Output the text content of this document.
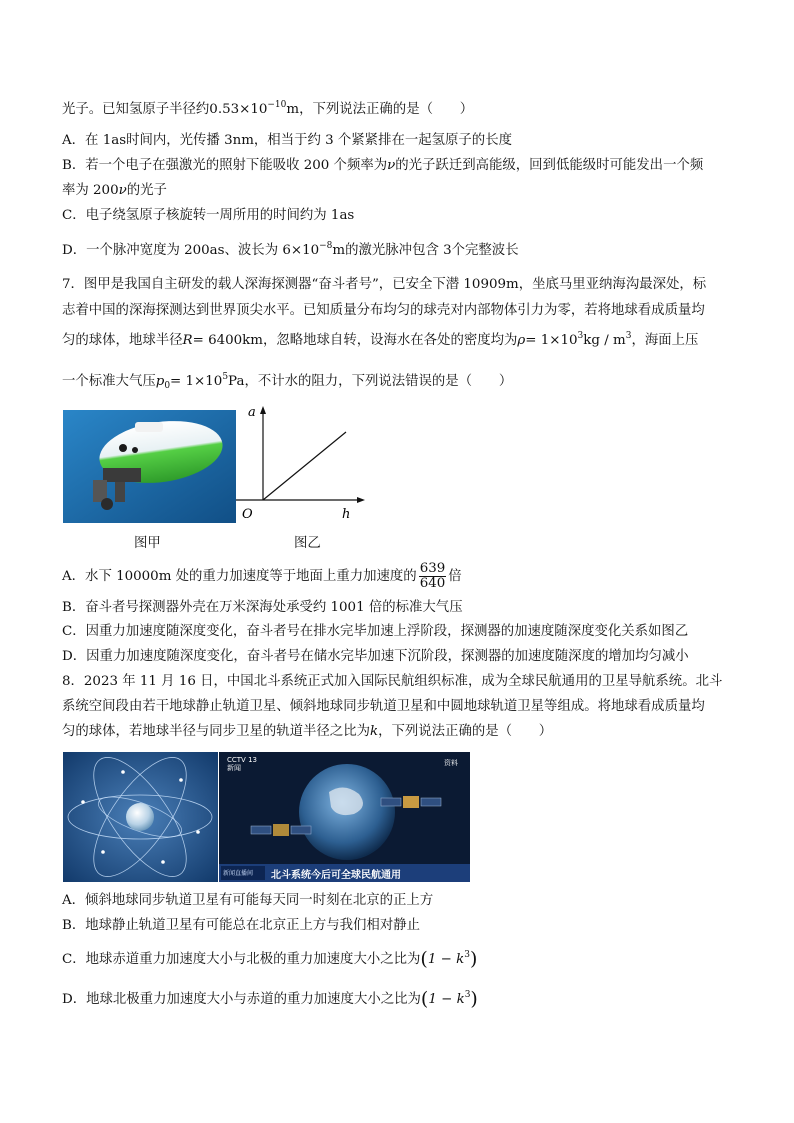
光子。已知氢原子半径约$0.53\times 10^{-10}m$，下列说法正确的是（　　）
A．在 1as时间内，光传播 3nm，相当于约 3 个紧紧排在一起氢原子的长度
B．若一个电子在强激光的照射下能吸收 200 个频率为ν的光子跃迁到高能级，回到低能级时可能发出一个频
率为 200ν的光子
C．电子绕氢原子核旋转一周所用的时间约为 1as
D．一个脉冲宽度为 200as、波长为 $6\times 10^{-8}m$的激光脉冲包含 3个完整波长
7．图甲是我国自主研发的载人深海探测器“奋斗者号”，已安全下潜 10909m，坐底马里亚纳海沟最深处，标
志着中国的深海探测达到世界顶尖水平。已知质量分布均匀的球壳对内部物体引力为零，若将地球看成质量均
匀的球体，地球半径R= 6400km，忽略地球自转，设海水在各处的密度均为$\rho= 1\times 10^3kg / m^3$，海面上压
一个标准大气压$p_0= 1\times 10^5Pa$，不计水的阻力，下列说法错误的是（　　）
a
O	h
图甲	图乙
A．水下 10000m 处的重力加速度等于地面上重力加速度的 $\frac{639}{640}$ 倍
B．奋斗者号探测器外壳在万米深海处承受约 1001 倍的标准大气压
C．因重力加速度随深度变化，奋斗者号在排水完毕加速上浮阶段，探测器的加速度随深度变化关系如图乙
D．因重力加速度随深度变化，奋斗者号在储水完毕加速下沉阶段，探测器的加速度随深度的增加均匀减小
8．2023 年 11 月 16 日，中国北斗系统正式加入国际民航组织标准，成为全球民航通用的卫星导航系统。北斗
系统空间段由若干地球静止轨道卫星、倾斜地球同步轨道卫星和中圆地球轨道卫星等组成。将地球看成质量均
匀的球体，若地球半径与同步卫星的轨道半径之比为k，下列说法正确的是（　　）
CCTV 13
新闻
资料
新闻直播间 北斗系统今后可全球民航通用
A．倾斜地球同步轨道卫星有可能每天同一时刻在北京的正上方
B．地球静止轨道卫星有可能总在北京正上方与我们相对静止
C．地球赤道重力加速度大小与北极的重力加速度大小之比为$(1 - k^3)$
D．地球北极重力加速度大小与赤道的重力加速度大小之比为$(1 - k^3)$
